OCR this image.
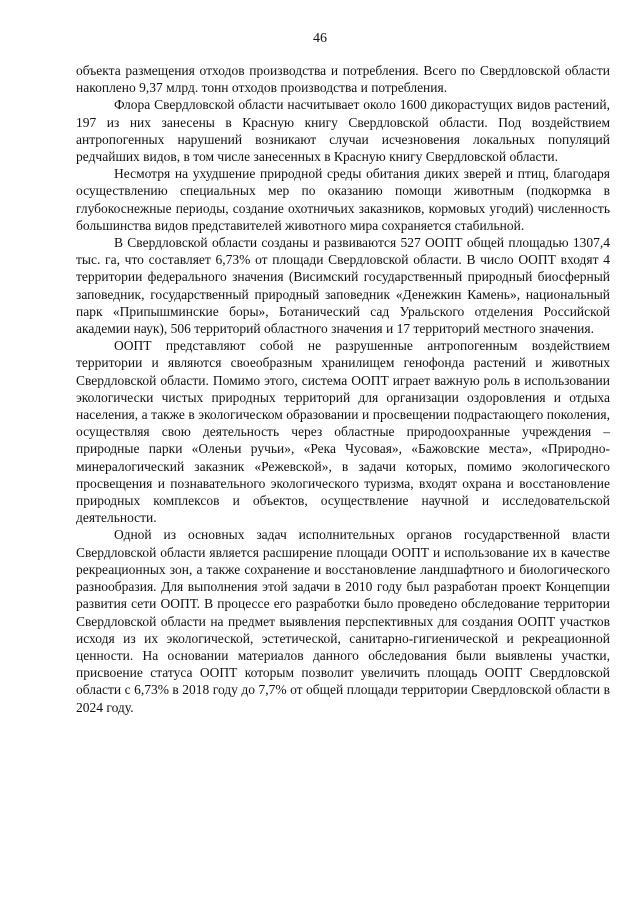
46

объекта размещения отходов производства и потребления. Всего по Свердловской области накоплено 9,37 млрд. тонн отходов производства и потребления.

Флора Свердловской области насчитывает около 1600 дикорастущих видов растений, 197 из них занесены в Красную книгу Свердловской области. Под воздействием антропогенных нарушений возникают случаи исчезновения локальных популяций редчайших видов, в том числе занесенных в Красную книгу Свердловской области.

Несмотря на ухудшение природной среды обитания диких зверей и птиц, благодаря осуществлению специальных мер по оказанию помощи животным (подкормка в глубокоснежные периоды, создание охотничьих заказников, кормовых угодий) численность большинства видов представителей животного мира сохраняется стабильной.

В Свердловской области созданы и развиваются 527 ООПТ общей площадью 1307,4 тыс. га, что составляет 6,73% от площади Свердловской области. В число ООПТ входят 4 территории федерального значения (Висимский государственный природный биосферный заповедник, государственный природный заповедник «Денежкин Камень», национальный парк «Припышминские боры», Ботанический сад Уральского отделения Российской академии наук), 506 территорий областного значения и 17 территорий местного значения.

ООПТ представляют собой не разрушенные антропогенным воздействием территории и являются своеобразным хранилищем генофонда растений и животных Свердловской области. Помимо этого, система ООПТ играет важную роль в использовании экологически чистых природных территорий для организации оздоровления и отдыха населения, а также в экологическом образовании и просвещении подрастающего поколения, осуществляя свою деятельность через областные природоохранные учреждения – природные парки «Оленьи ручьи», «Река Чусовая», «Бажовские места», «Природно-минералогический заказник «Режевской», в задачи которых, помимо экологического просвещения и познавательного экологического туризма, входят охрана и восстановление природных комплексов и объектов, осуществление научной и исследовательской деятельности.

Одной из основных задач исполнительных органов государственной власти Свердловской области является расширение площади ООПТ и использование их в качестве рекреационных зон, а также сохранение и восстановление ландшафтного и биологического разнообразия. Для выполнения этой задачи в 2010 году был разработан проект Концепции развития сети ООПТ. В процессе его разработки было проведено обследование территории Свердловской области на предмет выявления перспективных для создания ООПТ участков исходя из их экологической, эстетической, санитарно-гигиенической и рекреационной ценности. На основании материалов данного обследования были выявлены участки, присвоение статуса ООПТ которым позволит увеличить площадь ООПТ Свердловской области с 6,73% в 2018 году до 7,7% от общей площади территории Свердловской области в 2024 году.
